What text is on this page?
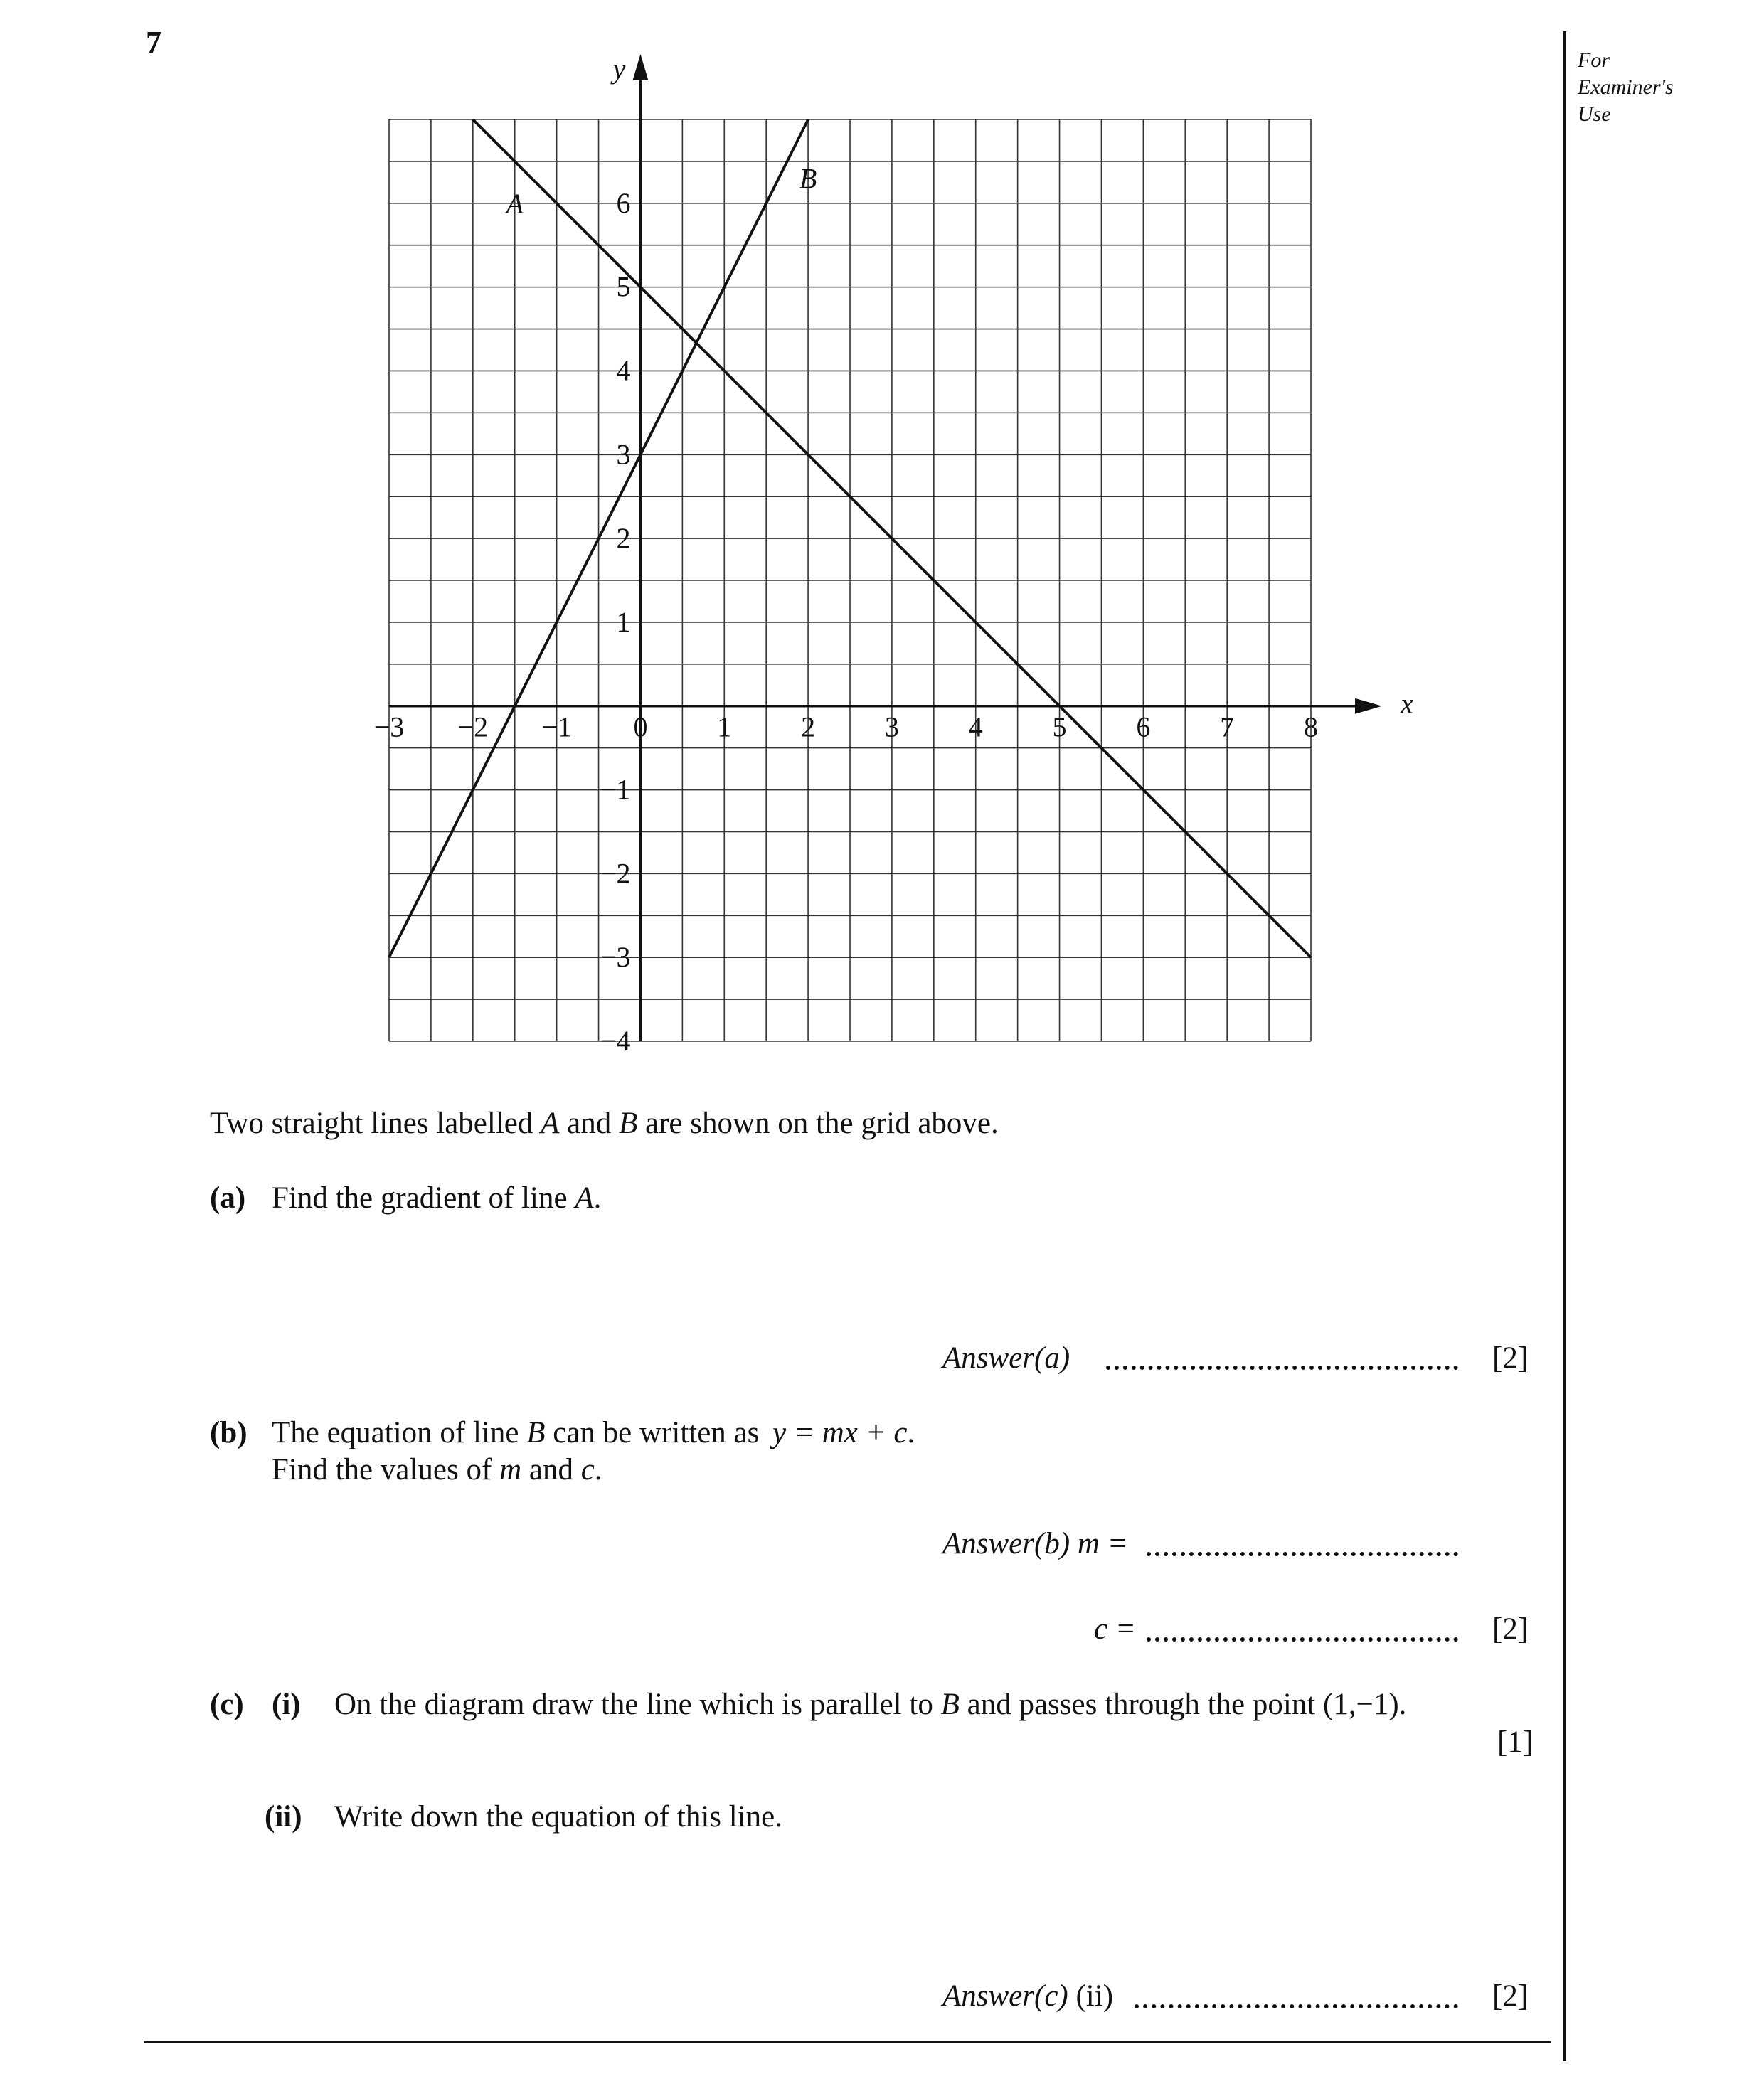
7
For
Examiner's
Use
x
y
−3 −2 −1 0 1 2 3 4 5 6 7 8
−4
−3
−2
−1
1
2
3
4
5
6
A
B
Two straight lines labelled A and B are shown on the grid above.
(a) Find the gradient of line A.
Answer(a)	[2]
(b) The equation of line B can be written as y = mx + c.
Find the values of m and c.
Answer(b) m =
c =	[2]
(c) (i) On the diagram draw the line which is parallel to B and passes through the point (1,−1).
[1]
(ii) Write down the equation of this line.
Answer(c) (ii)	[2]
